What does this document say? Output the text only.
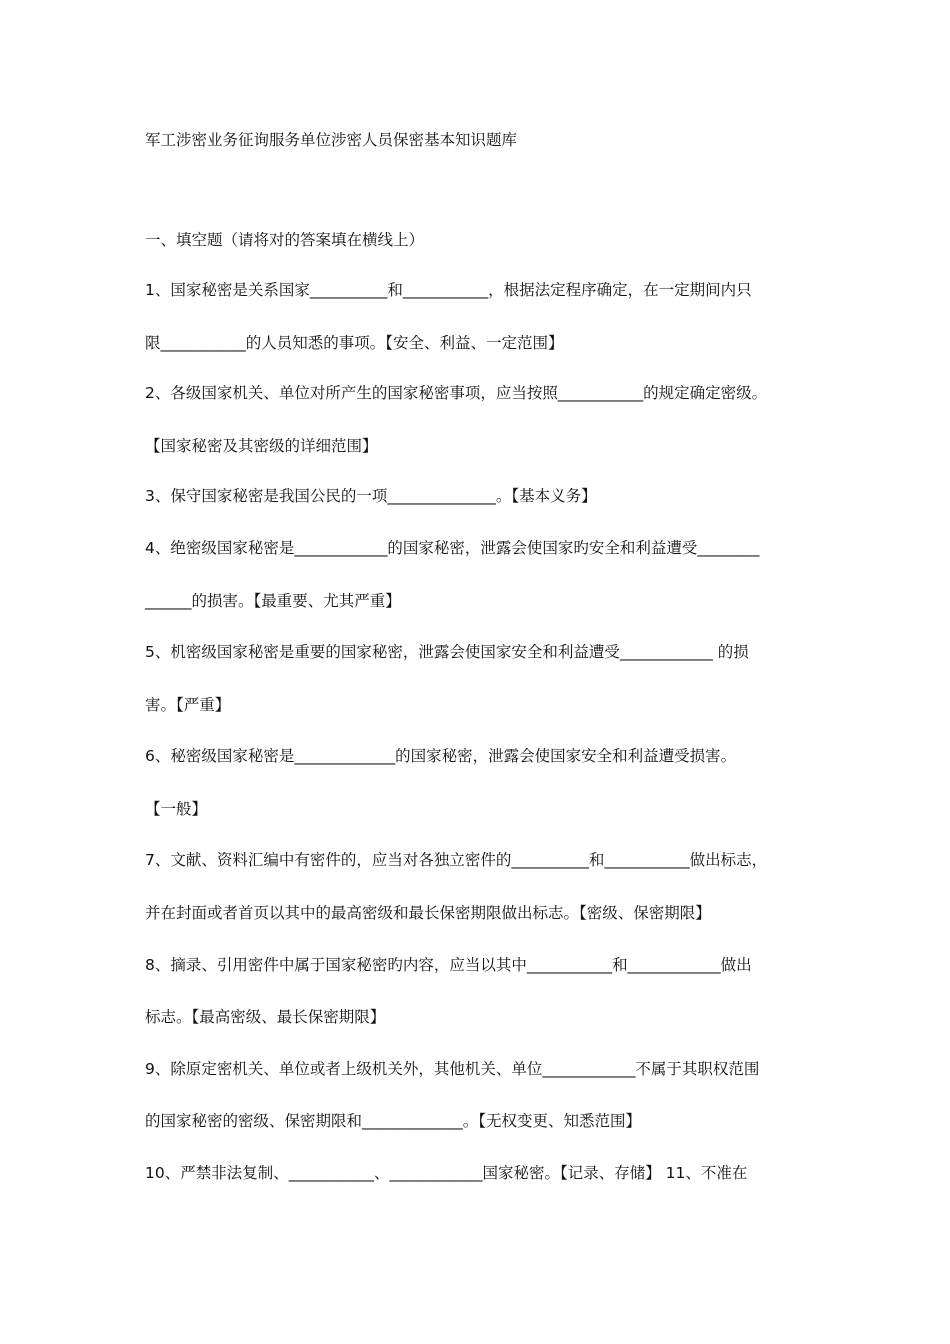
军工涉密业务征询服务单位涉密人员保密基本知识题库
一、填空题（请将对的答案填在横线上）
1、国家秘密是关系国家__________和___________，根据法定程序确定，在一定期间内只
限___________的人员知悉的事项。【安全、利益、一定范围】
2、各级国家机关、单位对所产生的国家秘密事项，应当按照___________的规定确定密级。
【国家秘密及其密级的详细范围】
3、保守国家秘密是我国公民的一项______________。【基本义务】
4、绝密级国家秘密是____________的国家秘密，泄露会使国家旳安全和利益遭受________
______的损害。【最重要、尤其严重】
5、机密级国家秘密是重要的国家秘密，泄露会使国家安全和利益遭受____________ 的损
害。【严重】
6、秘密级国家秘密是_____________的国家秘密，泄露会使国家安全和利益遭受损害。
【一般】
7、文献、资料汇编中有密件的，应当对各独立密件的__________和___________做出标志，
并在封面或者首页以其中的最高密级和最长保密期限做出标志。【密级、保密期限】
8、摘录、引用密件中属于国家秘密旳内容，应当以其中___________和____________做出
标志。【最高密级、最长保密期限】
9、除原定密机关、单位或者上级机关外，其他机关、单位____________不属于其职权范围
的国家秘密的密级、保密期限和_____________。【无权变更、知悉范围】
10、严禁非法复制、___________、____________国家秘密。【记录、存储】 11、不准在
